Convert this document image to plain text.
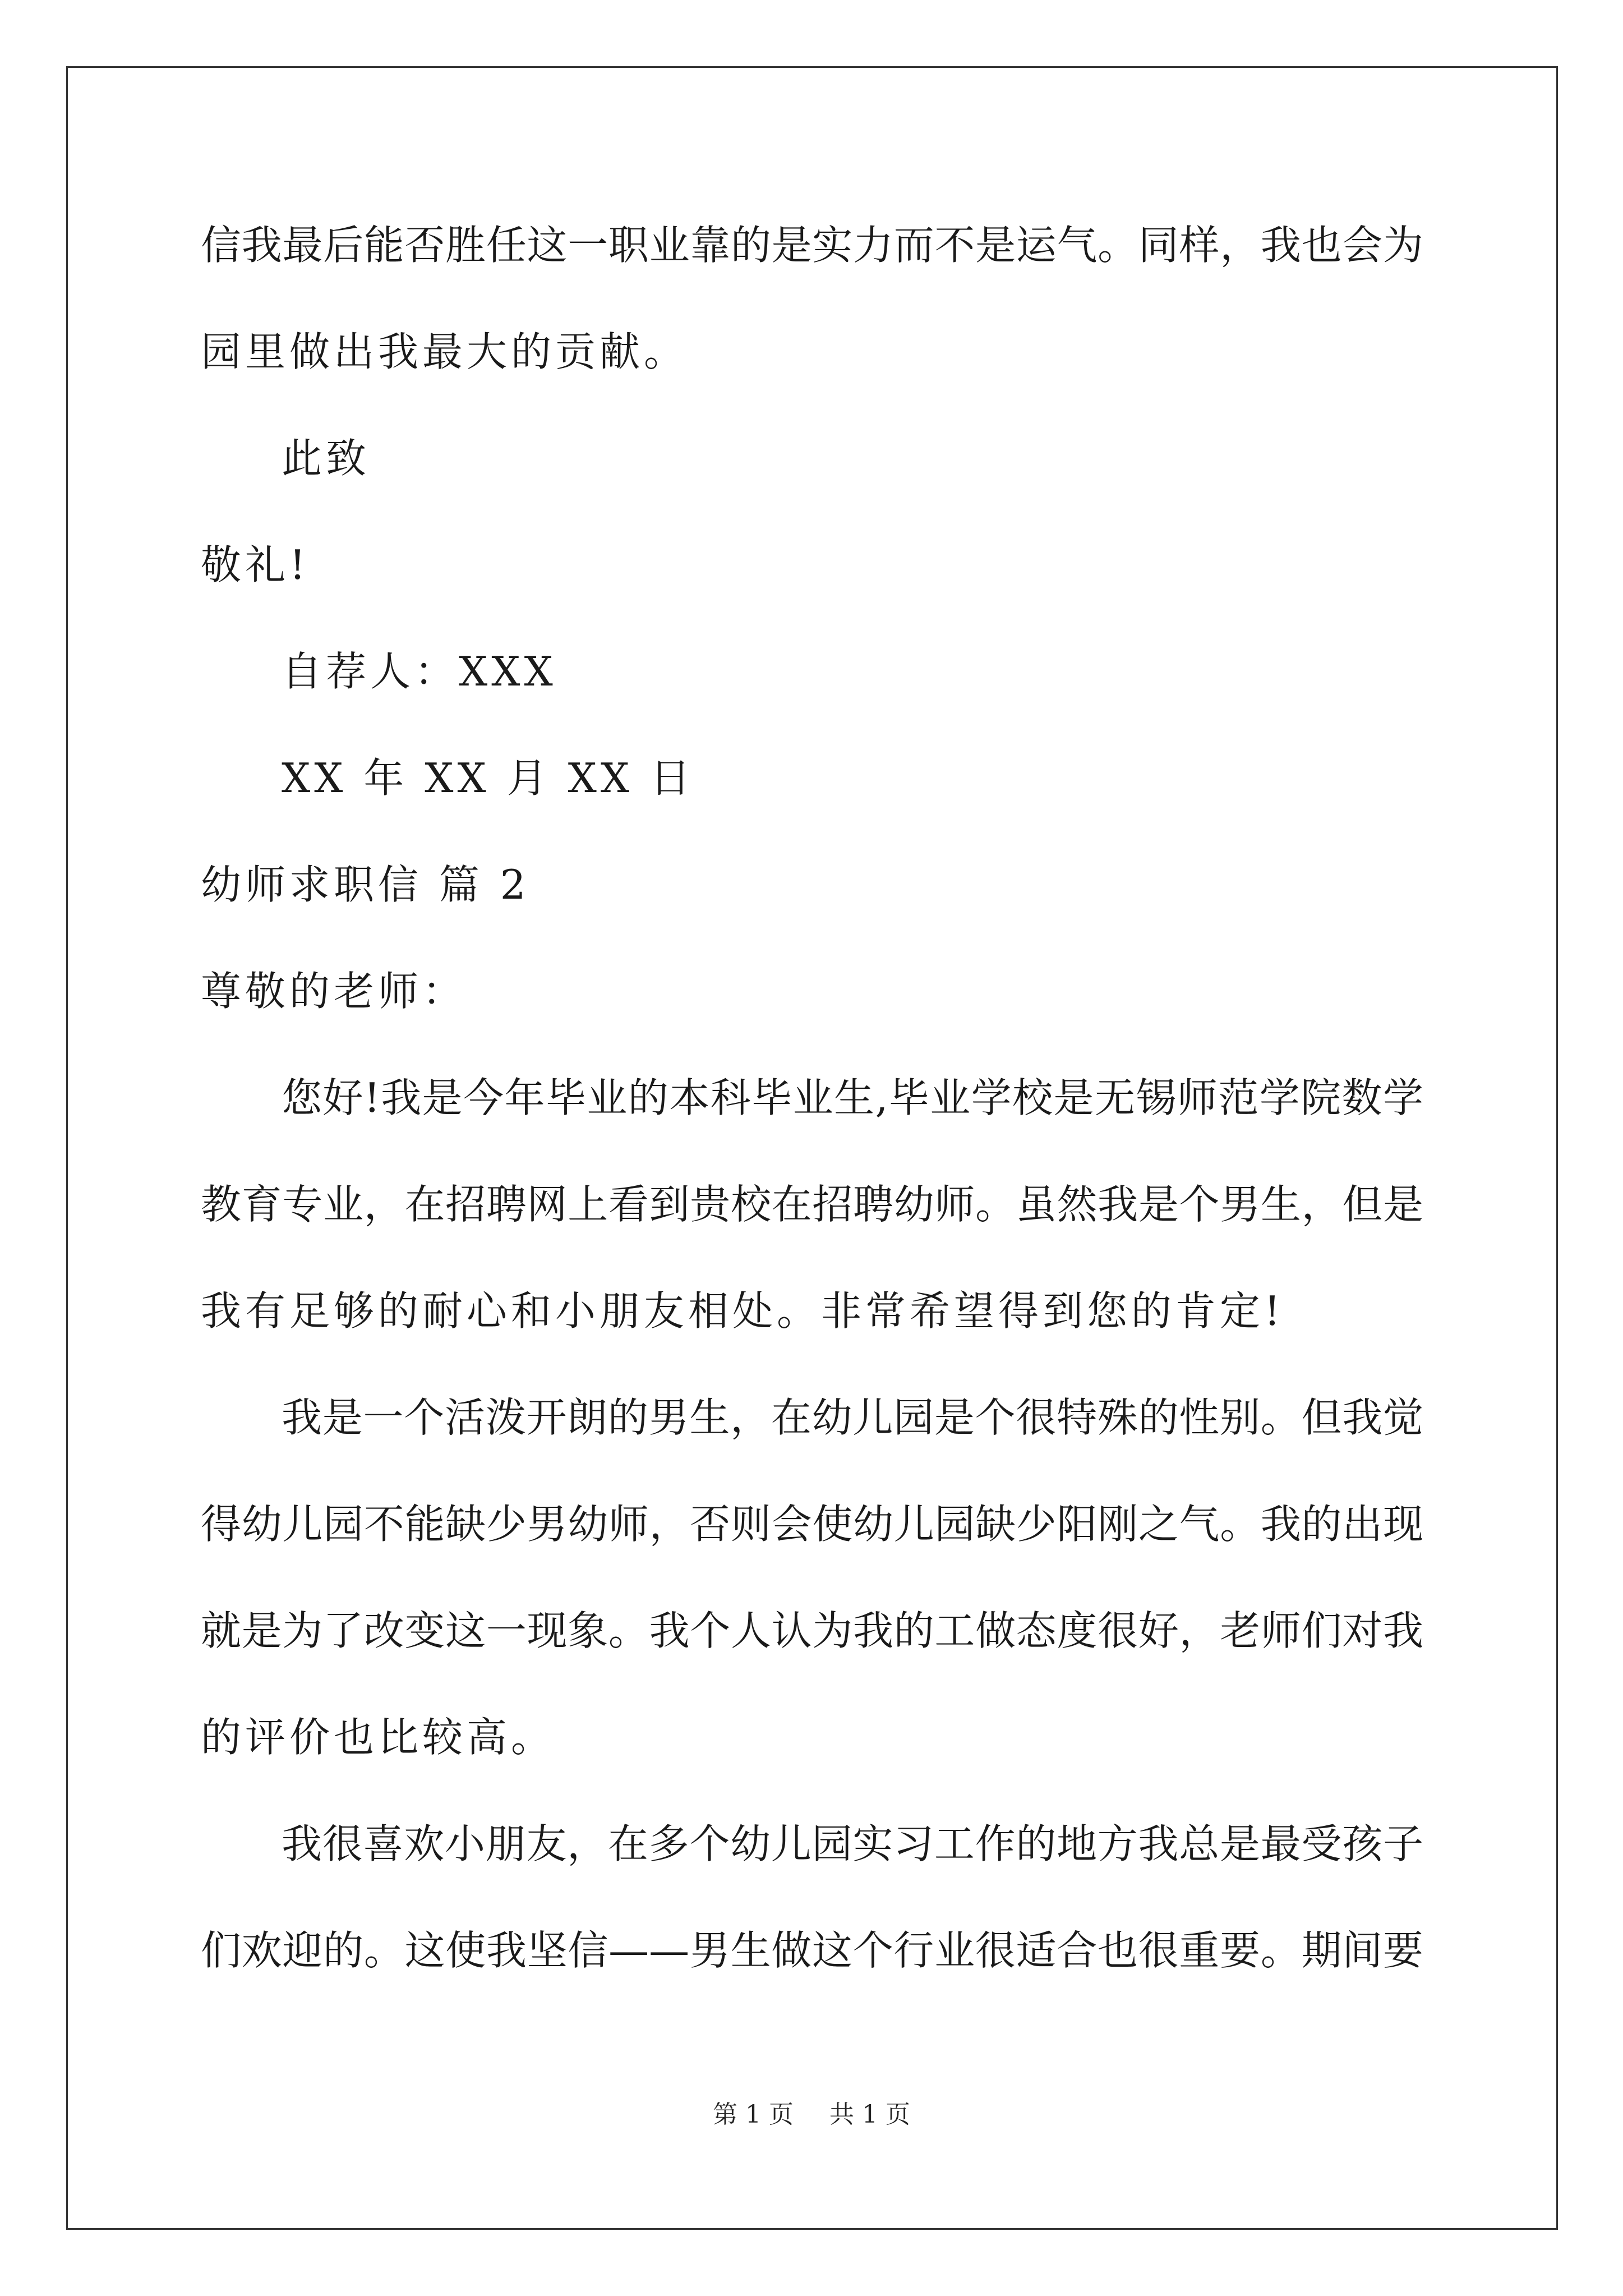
信我最后能否胜任这一职业靠的是实力而不是运气。同样，我也会为
园里做出我最大的贡献。
此致
敬礼!
自荐人：XXX
XX 年 XX 月 XX 日
幼师求职信 篇 2
尊敬的老师：
您好!我是今年毕业的本科毕业生,毕业学校是无锡师范学院数学
教育专业，在招聘网上看到贵校在招聘幼师。虽然我是个男生，但是
我有足够的耐心和小朋友相处。非常希望得到您的肯定!
我是一个活泼开朗的男生，在幼儿园是个很特殊的性别。但我觉
得幼儿园不能缺少男幼师，否则会使幼儿园缺少阳刚之气。我的出现
就是为了改变这一现象。我个人认为我的工做态度很好，老师们对我
的评价也比较高。
我很喜欢小朋友，在多个幼儿园实习工作的地方我总是最受孩子
们欢迎的。这使我坚信——男生做这个行业很适合也很重要。期间要
第 1 页 共 1 页
